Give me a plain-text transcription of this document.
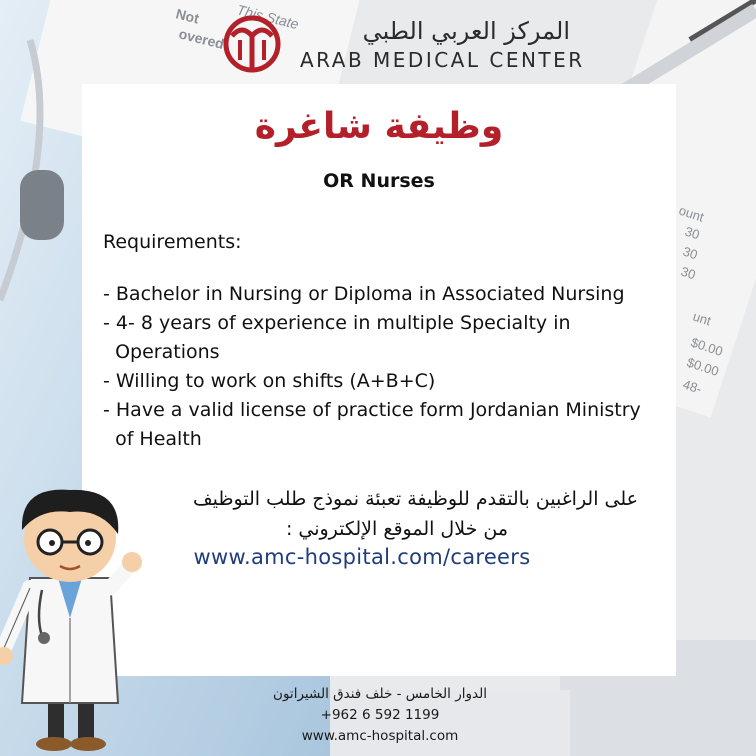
Not
overed
This State
ount
30
30
30
unt
$0.00
$0.00
48-
المركز العربي الطبي
ARAB MEDICAL CENTER
وظيفة شاغرة
OR Nurses
Requirements:
- Bachelor in Nursing or Diploma in Associated Nursing
- 4- 8 years of experience in multiple Specialty in
Operations
- Willing to work on shifts (A+B+C)
- Have a valid license of practice form Jordanian Ministry
of Health
على الراغبين بالتقدم للوظيفة تعبئة نموذج طلب التوظيف
من خلال الموقع الإلكتروني :
www.amc-hospital.com/careers
الدوار الخامس - خلف فندق الشيراتون
+962 6 592 1199
www.amc-hospital.com
